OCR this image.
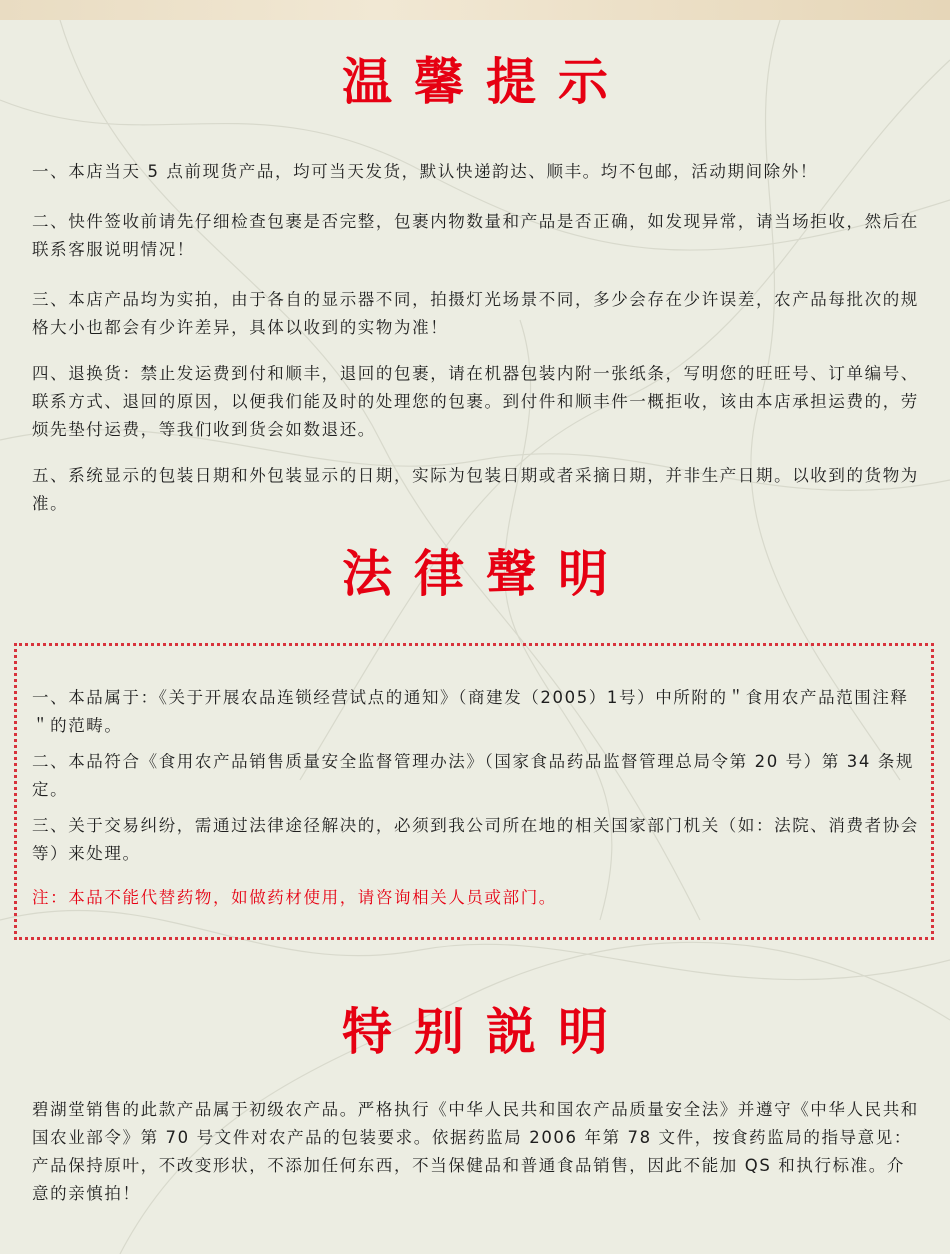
温馨提示

一、本店当天 5 点前现货产品，均可当天发货，默认快递韵达、顺丰。均不包邮，活动期间除外！

二、快件签收前请先仔细检查包裹是否完整，包裹内物数量和产品是否正确，如发现异常，请当场拒收，然后在联系客服说明情况！

三、本店产品均为实拍，由于各自的显示器不同，拍摄灯光场景不同，多少会存在少许误差，农产品每批次的规格大小也都会有少许差异，具体以收到的实物为准！

四、退换货：禁止发运费到付和顺丰，退回的包裹，请在机器包装内附一张纸条，写明您的旺旺号、订单编号、联系方式、退回的原因，以便我们能及时的处理您的包裹。到付件和顺丰件一概拒收，该由本店承担运费的，劳烦先垫付运费，等我们收到货会如数退还。

五、系统显示的包装日期和外包装显示的日期，实际为包装日期或者采摘日期，并非生产日期。以收到的货物为准。

法律聲明

一、本品属于：《关于开展农品连锁经营试点的通知》（商建发（2005）1号）中所附的＂食用农产品范围注释＂的范畴。

二、本品符合《食用农产品销售质量安全监督管理办法》（国家食品药品监督管理总局令第 20 号）第 34 条规定。

三、关于交易纠纷，需通过法律途径解决的，必须到我公司所在地的相关国家部门机关（如：法院、消费者协会等）来处理。

注：本品不能代替药物，如做药材使用，请咨询相关人员或部门。

特别説明

碧湖堂销售的此款产品属于初级农产品。严格执行《中华人民共和国农产品质量安全法》并遵守《中华人民共和国农业部令》第 70 号文件对农产品的包装要求。依据药监局 2006 年第 78 文件，按食药监局的指导意见：产品保持原叶，不改变形状，不添加任何东西，不当保健品和普通食品销售，因此不能加 QS 和执行标准。介意的亲慎拍！
